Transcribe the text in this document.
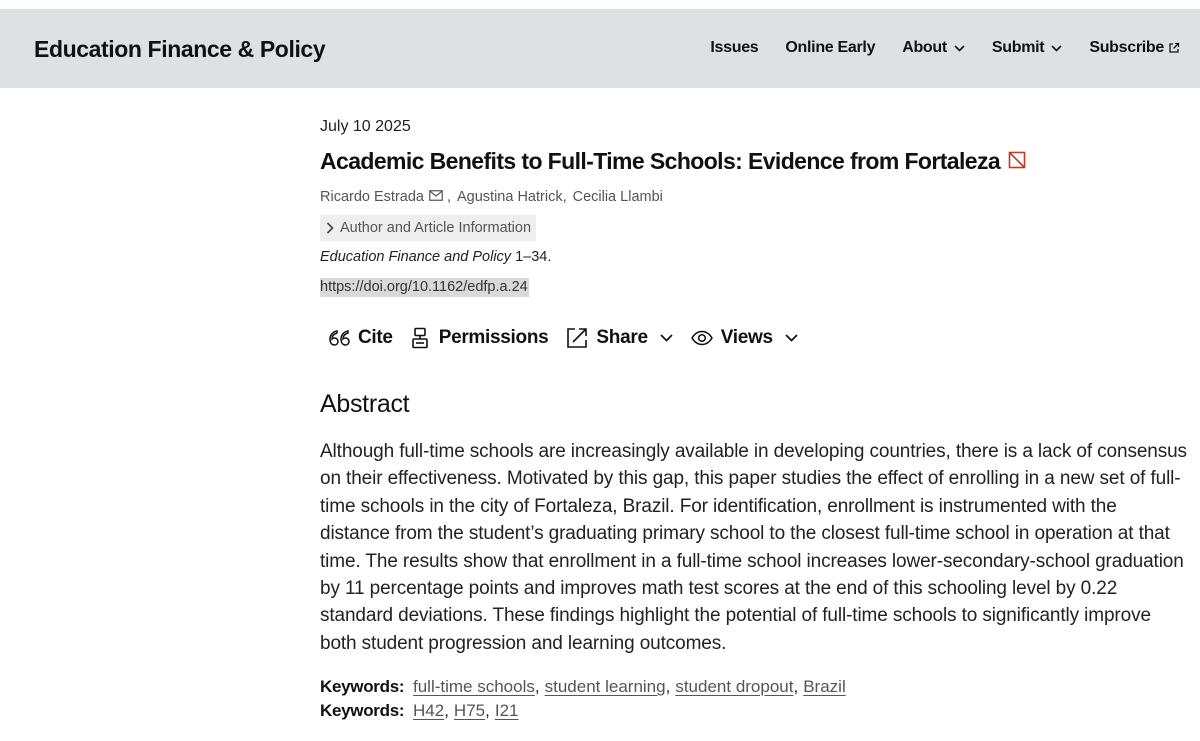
Education Finance & Policy	Issues Online Early About	Submit	Subscribe
July 10 2025
Academic Benefits to Full-Time Schools: Evidence from Fortaleza
Ricardo Estrada , Agustina Hatrick , Cecilia Llambi
Author and Article Information
Education Finance and Policy 1–34.
https://doi.org/10.1162/edfp.a.24
Cite Permissions	Share	Views
Abstract

Although full-time schools are increasingly available in developing countries, there is a lack of consensus on their effectiveness. Motivated by this gap, this paper studies the effect of enrolling in a new set of full-time schools in the city of Fortaleza, Brazil. For identification, enrollment is instrumented with the distance from the student’s graduating primary school to the closest full-time school in operation at that time. The results show that enrollment in a full-time school increases lower-secondary-school graduation by 11 percentage points and improves math test scores at the end of this schooling level by 0.22 standard deviations. These findings highlight the potential of full-time schools to significantly improve both student progression and learning outcomes.

Keywords: full-time schools , student learning , student dropout , Brazil
Keywords: H42 , H75 , I21
